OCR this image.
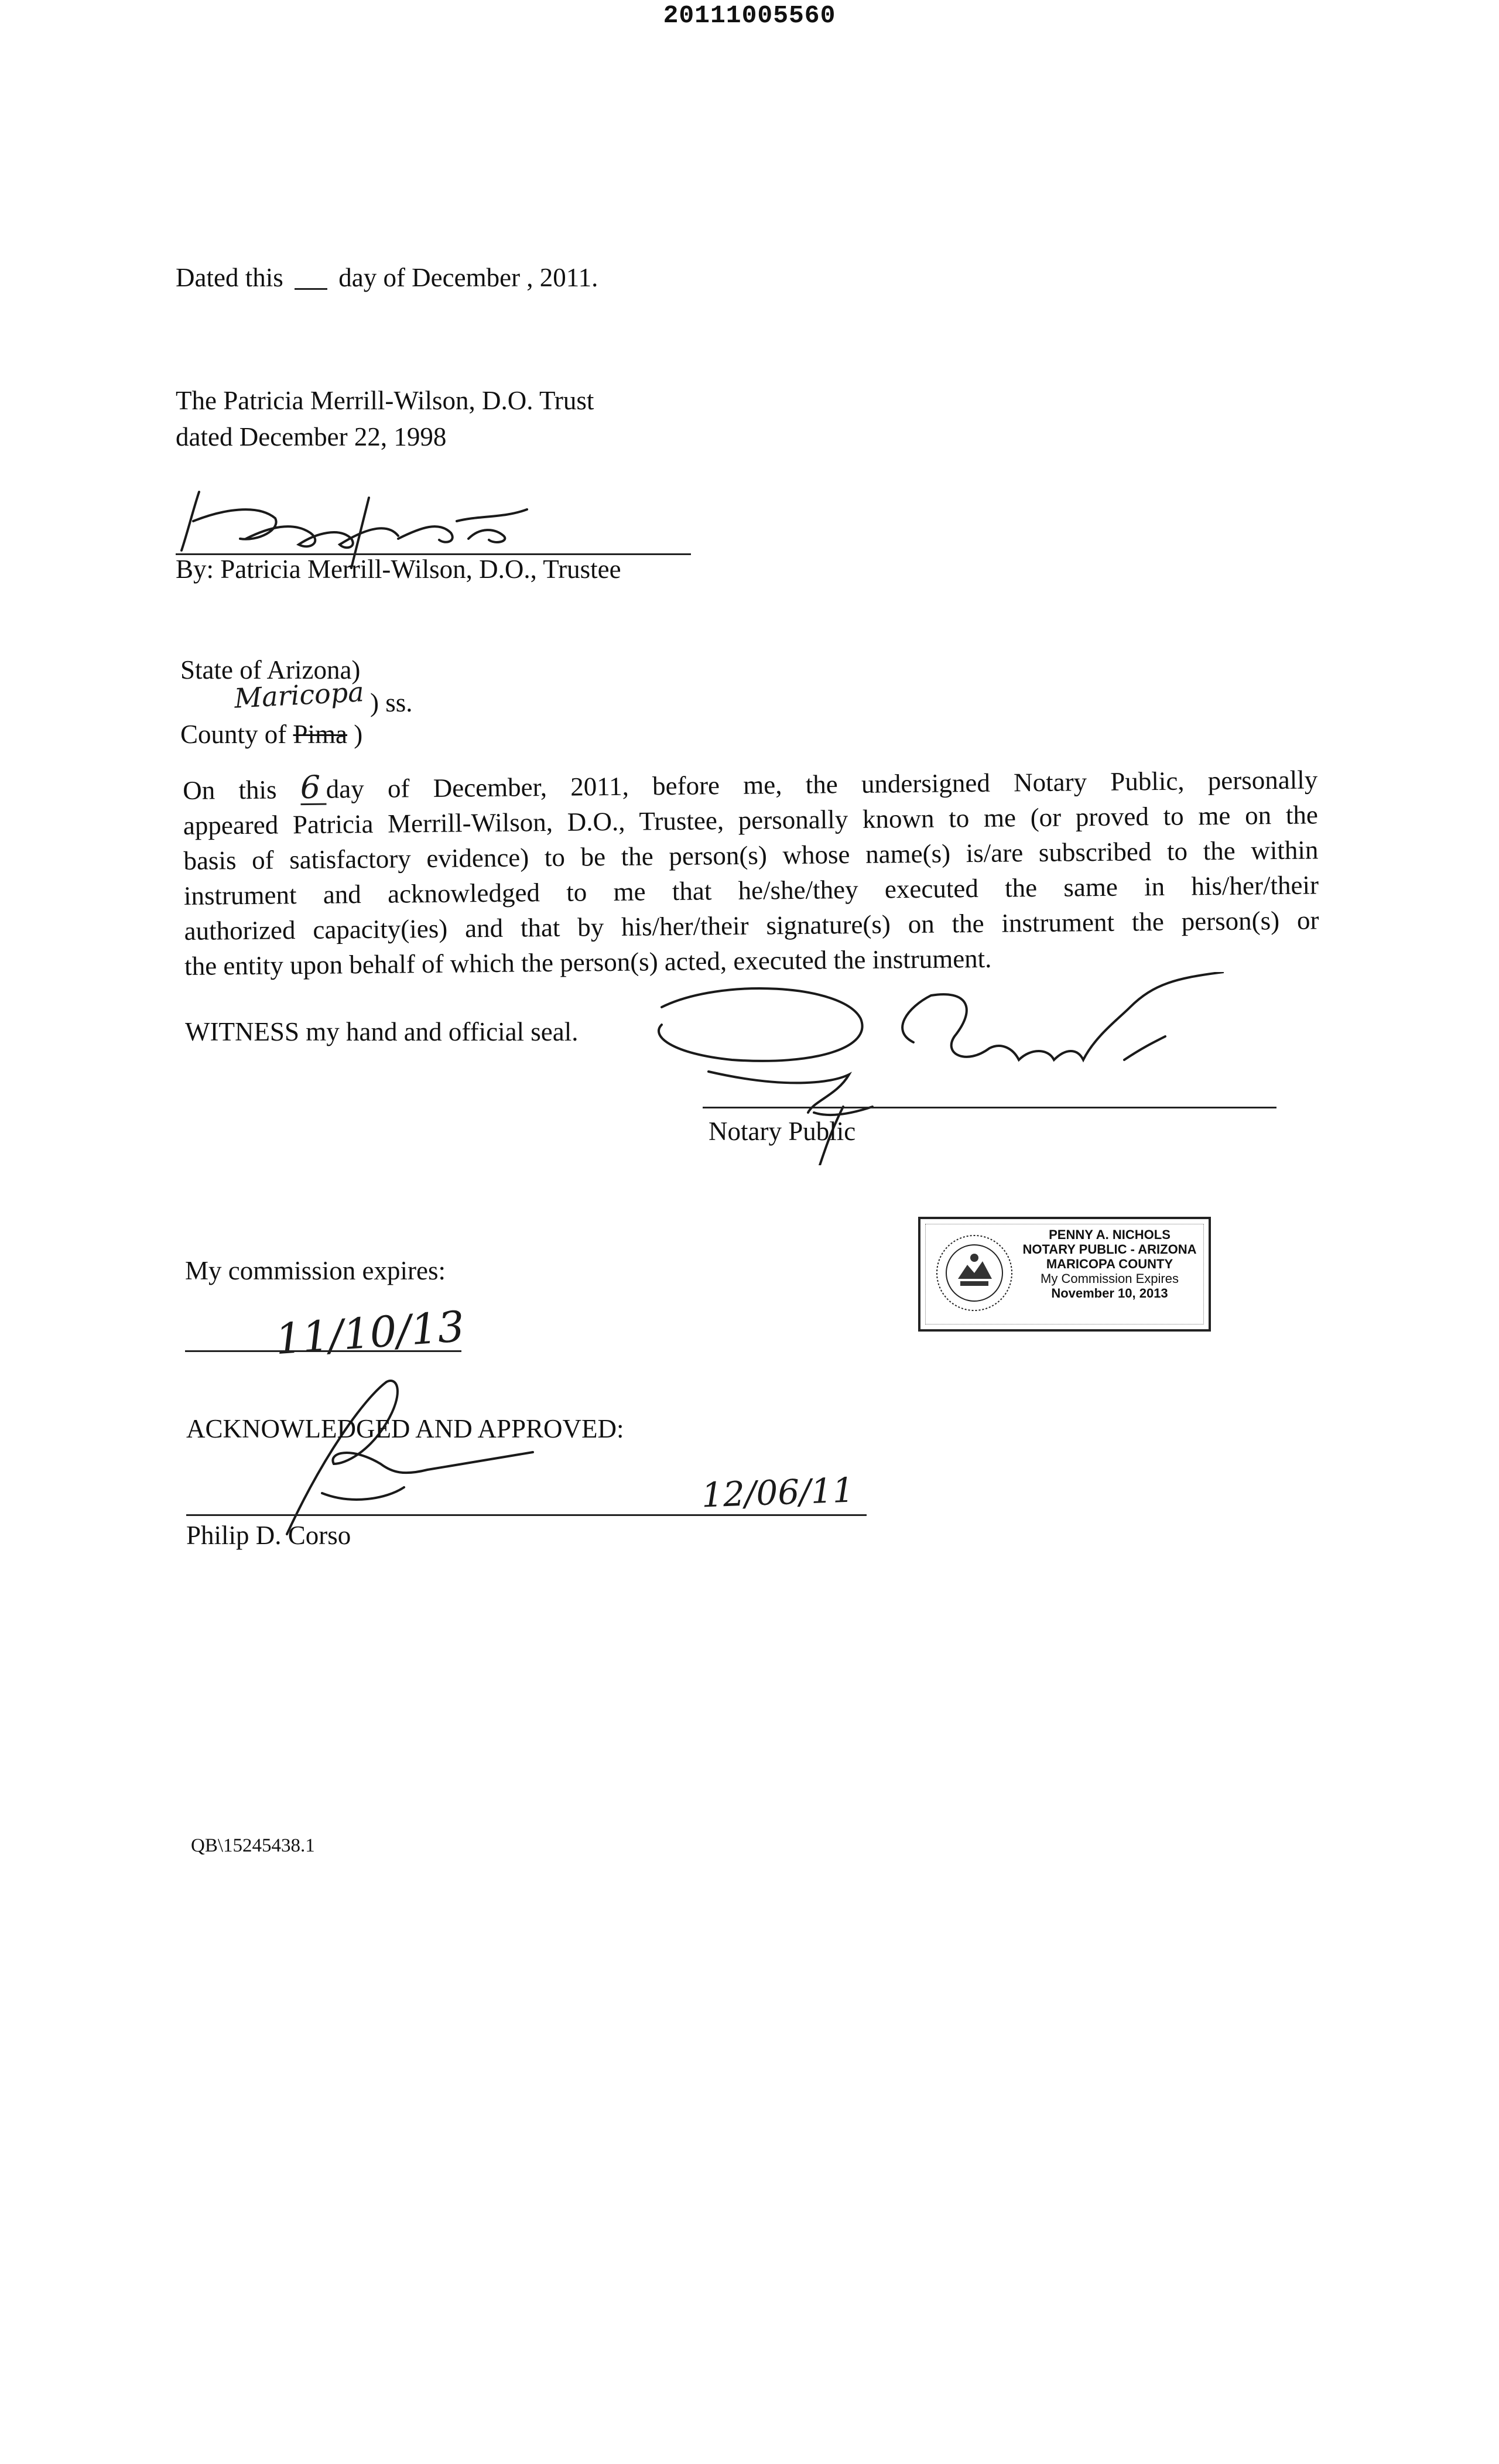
20111005560
Dated this day of December , 2011.
The Patricia Merrill-Wilson, D.O. Trust
dated December 22, 1998
By: Patricia Merrill-Wilson, D.O., Trustee
State of Arizona)
Maricopa ) ss.
County of Pima )
On this 6 day of December, 2011, before me, the undersigned Notary Public, personally
appeared Patricia Merrill-Wilson, D.O., Trustee, personally known to me (or proved to me on the
basis of satisfactory evidence) to be the person(s) whose name(s) is/are subscribed to the within
instrument and acknowledged to me that he/she/they executed the same in his/her/their
authorized capacity(ies) and that by his/her/their signature(s) on the instrument the person(s) or
the entity upon behalf of which the person(s) acted, executed the instrument.
WITNESS my hand and official seal.
Notary Public
PENNY A. NICHOLS
NOTARY PUBLIC - ARIZONA
MARICOPA COUNTY
My Commission Expires
November 10, 2013
My commission expires:
11/10/13
ACKNOWLEDGED AND APPROVED:
12/06/11
Philip D. Corso
QB\15245438.1
